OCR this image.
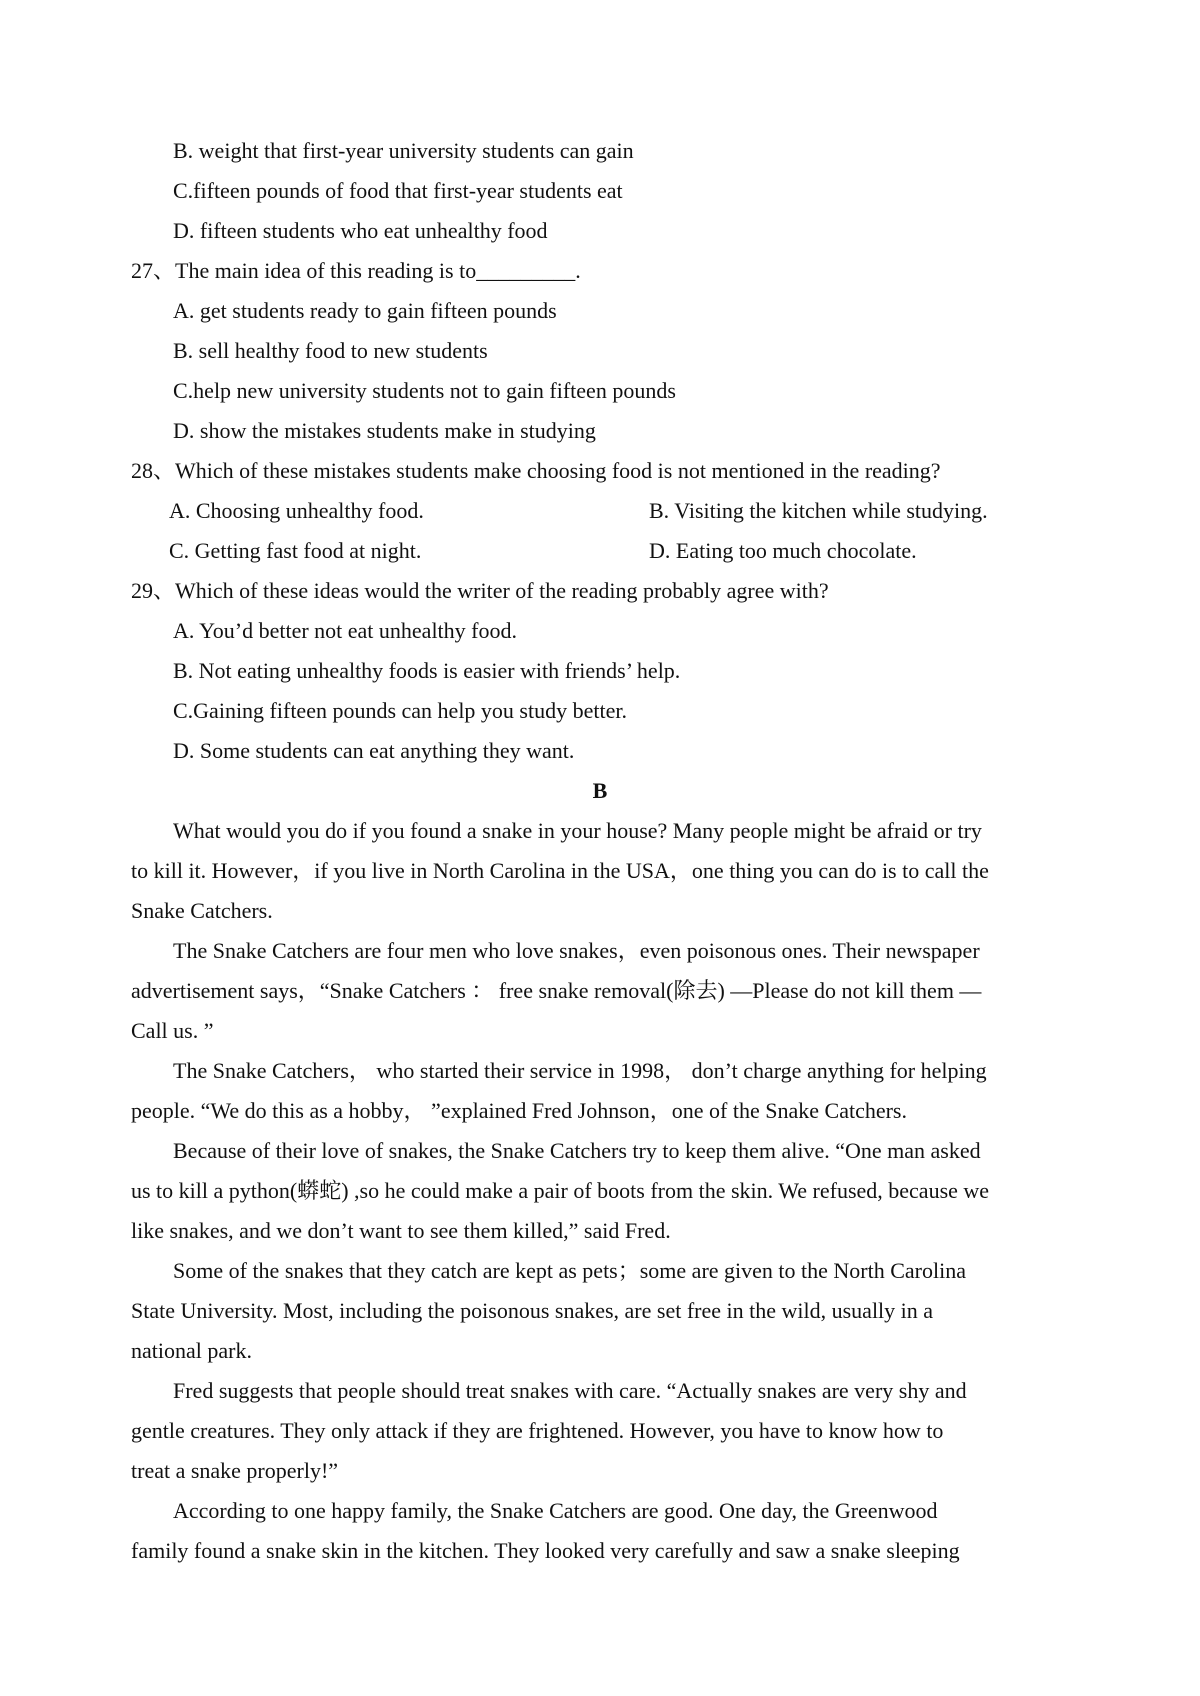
B. weight that first-year university students can gain
C.fifteen pounds of food that first-year students eat
D. fifteen students who eat unhealthy food
27、The main idea of this reading is to_________.
A. get students ready to gain fifteen pounds
B. sell healthy food to new students
C.help new university students not to gain fifteen pounds
D. show the mistakes students make in studying
28、Which of these mistakes students make choosing food is not mentioned in the reading?
A. Choosing unhealthy food.	B. Visiting the kitchen while studying.
C. Getting fast food at night.	D. Eating too much chocolate.
29、Which of these ideas would the writer of the reading probably agree with?
A. You’d better not eat unhealthy food.
B. Not eating unhealthy foods is easier with friends’ help.
C.Gaining fifteen pounds can help you study better.
D. Some students can eat anything they want.
B
What would you do if you found a snake in your house? Many people might be afraid or try
to kill it. However，if you live in North Carolina in the USA，one thing you can do is to call the
Snake Catchers.
The Snake Catchers are four men who love snakes，even poisonous ones. Their newspaper
advertisement says，“Snake Catchers ： free snake removal(除去) —Please do not kill them —
Call us. ”
The Snake Catchers， who started their service in 1998， don’t charge anything for helping
people. “We do this as a hobby， ”explained Fred Johnson，one of the Snake Catchers.
Because of their love of snakes, the Snake Catchers try to keep them alive. “One man asked
us to kill a python(蟒蛇) ,so he could make a pair of boots from the skin. We refused, because we
like snakes, and we don’t want to see them killed,” said Fred.
Some of the snakes that they catch are kept as pets；some are given to the North Carolina
State University. Most, including the poisonous snakes, are set free in the wild, usually in a
national park.
Fred suggests that people should treat snakes with care. “Actually snakes are very shy and
gentle creatures. They only attack if they are frightened. However, you have to know how to
treat a snake properly!”
According to one happy family, the Snake Catchers are good. One day, the Greenwood
family found a snake skin in the kitchen. They looked very carefully and saw a snake sleeping
